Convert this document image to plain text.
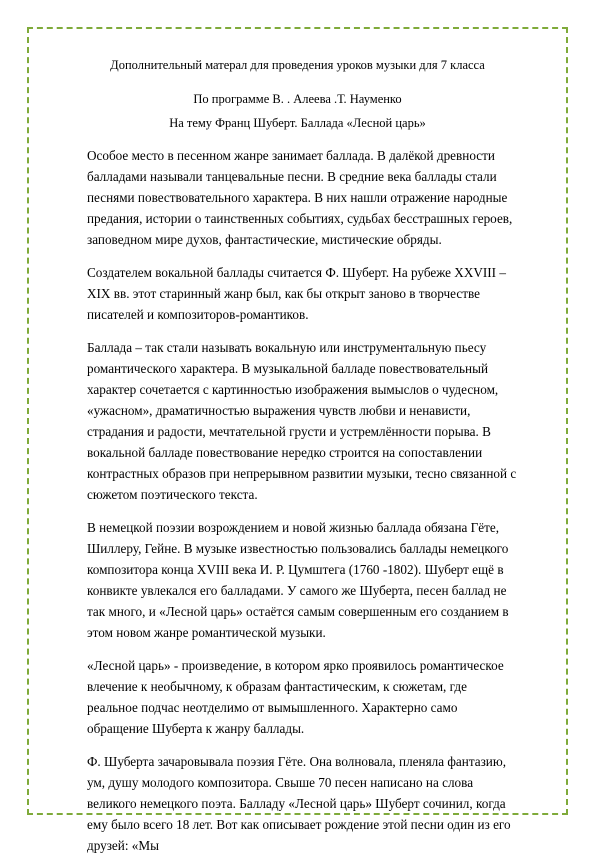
Дополнительный матерaл для проведения уроков музыки для 7 класса
По программе В. . Алеева .Т. Науменко
На тему Франц Шуберт. Баллада «Лесной царь»

Особое место в песенном жанре занимает баллада. В далёкой древности балладами называли танцевальные песни. В средние века баллады стали песнями повествовательного характера. В них нашли отражение народные предания, истории о таинственных событиях, судьбах бесстрашных героев, заповедном мире духов, фантастические, мистические обряды.

Создателем вокальной баллады считается Ф. Шуберт. На рубеже XXVIII – XIX вв. этот старинный жанр был, как бы открыт заново в творчестве писателей и композиторов-романтиков.

Баллада – так стали называть вокальную или инструментальную пьесу романтического характера. В музыкальной балладе повествовательный характер сочетается с картинностью изображения вымыслов о чудесном, «ужасном», драматичностью выражения чувств любви и ненависти, страдания и радости, мечтательной грусти и устремлённости порыва. В вокальной балладе повествование нередко строится на сопоставлении контрастных образов при непрерывном развитии музыки, тесно связанной с сюжетом поэтического текста.

В немецкой поэзии возрождением и новой жизнью баллада обязана Гёте, Шиллеру, Гейне. В музыке известностью пользовались баллады немецкого композитора конца XVIII века И. Р. Цумштега (1760 -1802). Шуберт ещё в конвикте увлекался его балладами. У самого же Шуберта, песен баллад не так много, и «Лесной царь» остаётся самым совершенным его созданием в этом новом жанре романтической музыки.

«Лесной царь» - произведение, в котором ярко проявилось романтическое влечение к необычному, к образам фантастическим, к сюжетам, где реальное подчас неотделимо от вымышленного. Характерно само обращение Шуберта к жанру баллады.

Ф. Шуберта зачаровывала поэзия Гёте. Она волновала, пленяла фантазию, ум, душу молодого композитора. Свыше 70 песен написано на слова великого немецкого поэта. Балладу «Лесной царь» Шуберт сочинил, когда ему было всего 18 лет. Вот как описывает рождение этой песни один из его друзей: «Мы
